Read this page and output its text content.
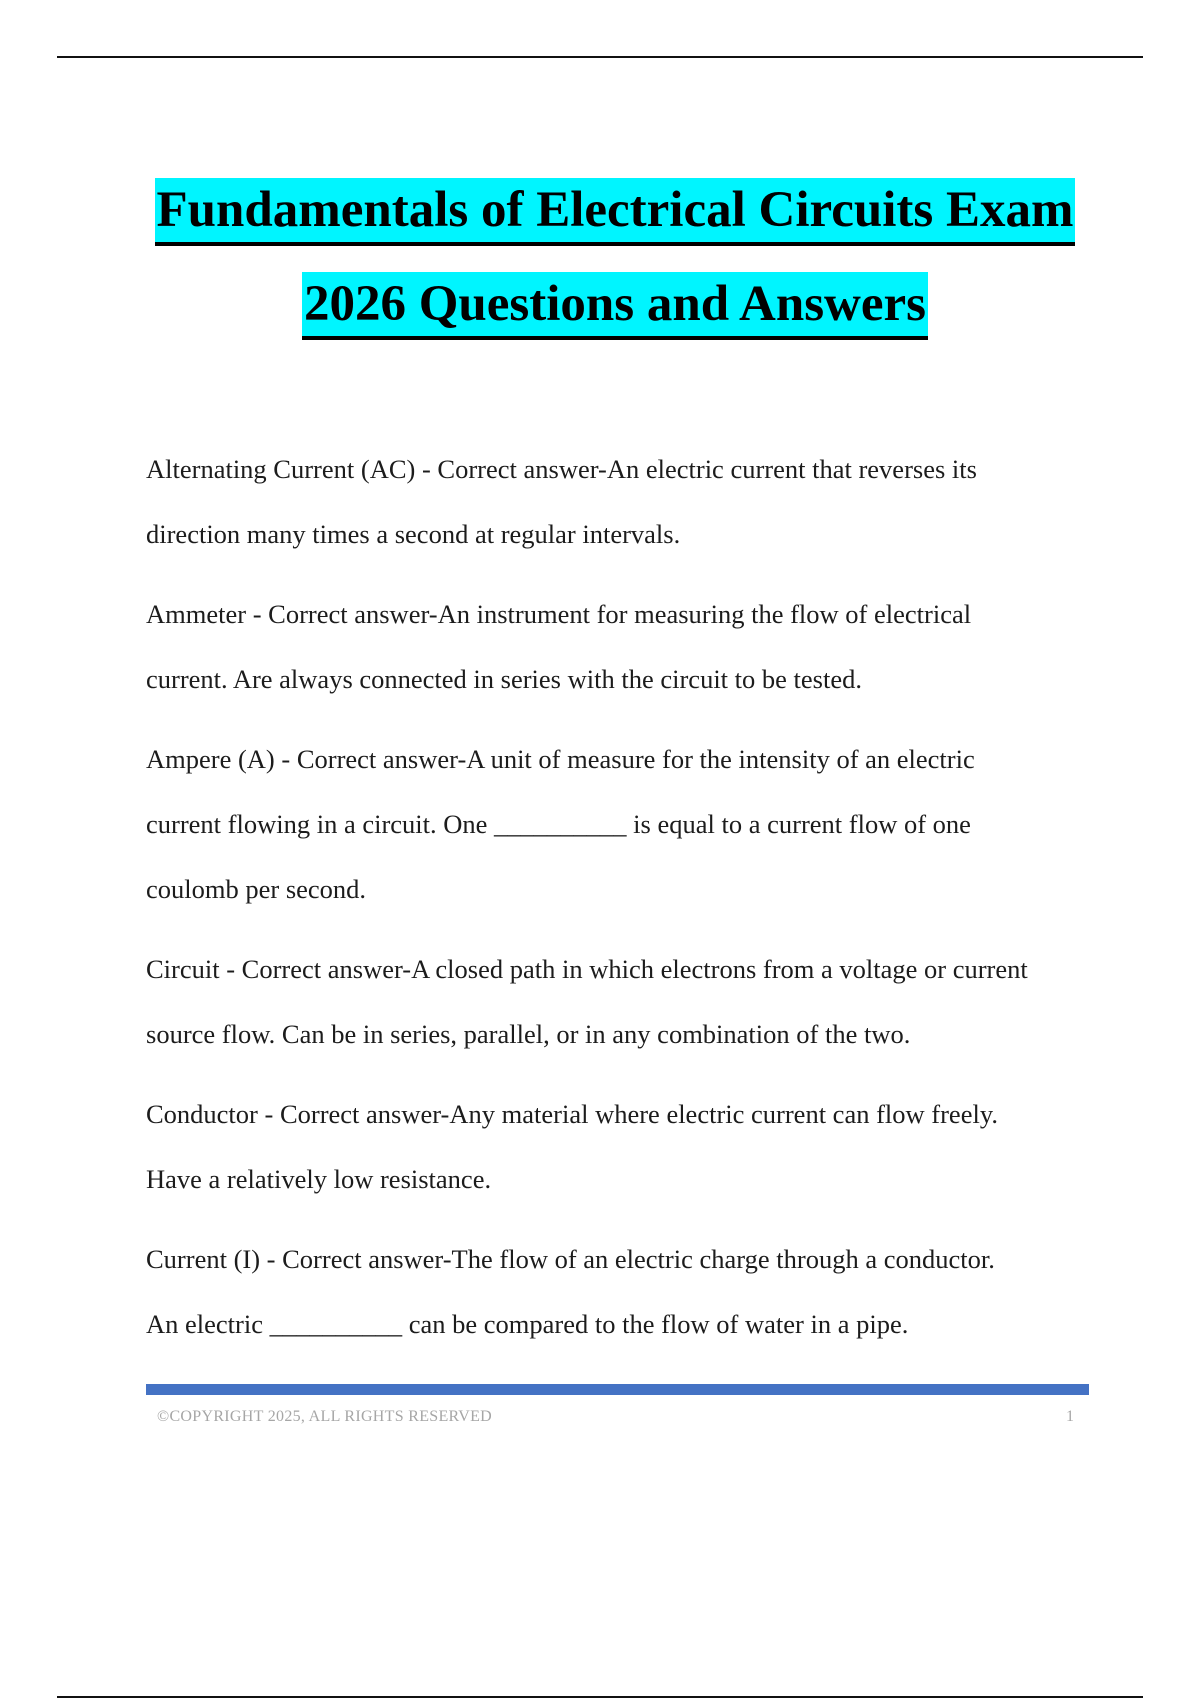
Fundamentals of Electrical Circuits Exam
2026 Questions and Answers

Alternating Current (AC) - Correct answer-An electric current that reverses its
direction many times a second at regular intervals.

Ammeter - Correct answer-An instrument for measuring the flow of electrical
current. Are always connected in series with the circuit to be tested.

Ampere (A) - Correct answer-A unit of measure for the intensity of an electric
current flowing in a circuit. One __________ is equal to a current flow of one
coulomb per second.

Circuit - Correct answer-A closed path in which electrons from a voltage or current
source flow. Can be in series, parallel, or in any combination of the two.

Conductor - Correct answer-Any material where electric current can flow freely.
Have a relatively low resistance.

Current (I) - Correct answer-The flow of an electric charge through a conductor.
An electric __________ can be compared to the flow of water in a pipe.

©COPYRIGHT 2025, ALL RIGHTS RESERVED	1
